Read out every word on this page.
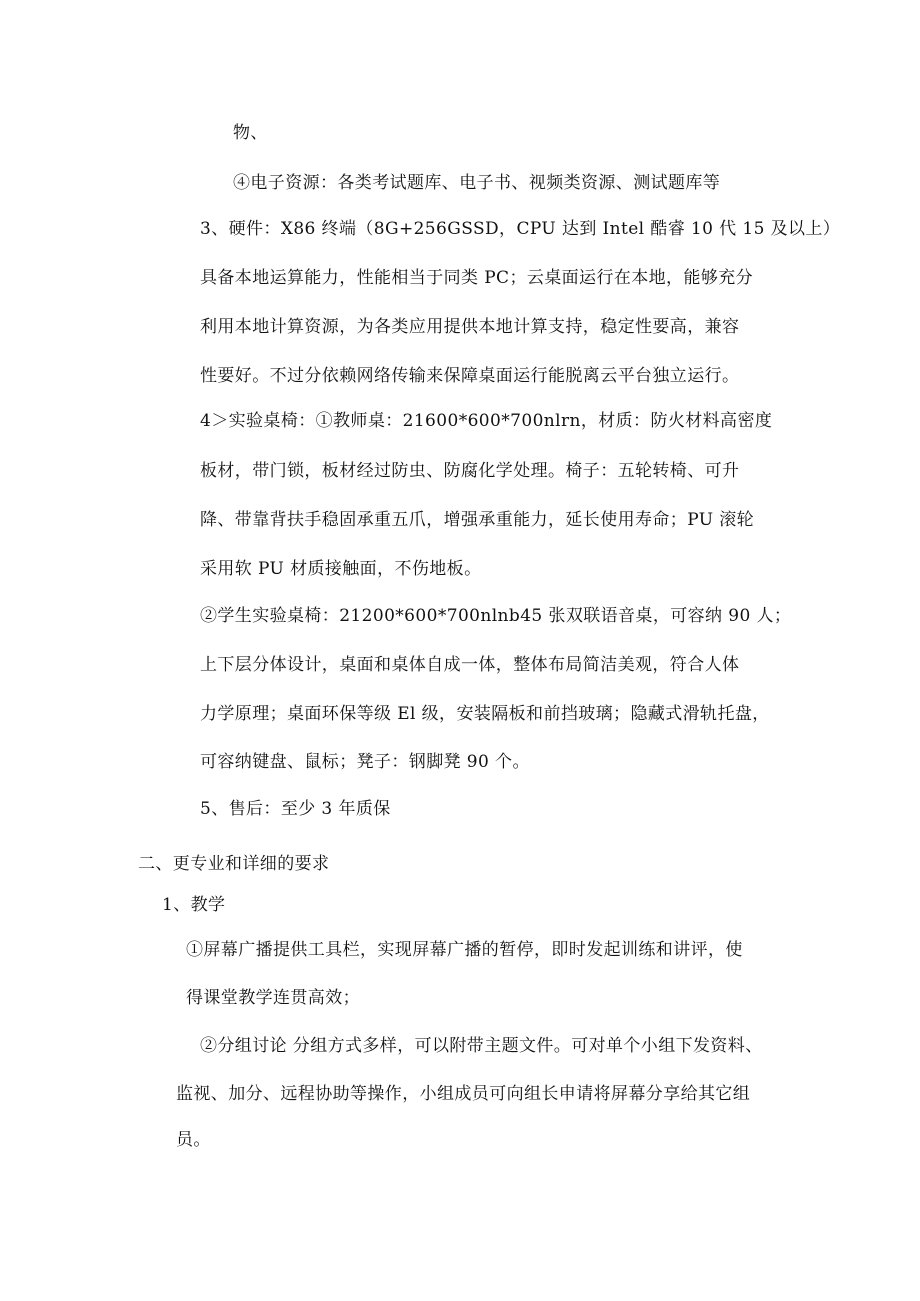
物、
④电子资源：各类考试题库、电子书、视频类资源、测试题库等
3、硬件：X86 终端（8G+256GSSD，CPU 达到 Intel 酷睿 10 代 15 及以上）
具备本地运算能力，性能相当于同类 PC；云桌面运行在本地，能够充分
利用本地计算资源，为各类应用提供本地计算支持，稳定性要高，兼容
性要好。不过分依赖网络传输来保障桌面运行能脱离云平台独立运行。
4＞实验桌椅：①教师桌：21600*600*700nlrn，材质：防火材料高密度
板材，带门锁，板材经过防虫、防腐化学处理。椅子：五轮转椅、可升
降、带靠背扶手稳固承重五爪，增强承重能力，延长使用寿命；PU 滚轮
采用软 PU 材质接触面，不伤地板。
②学生实验桌椅：21200*600*700nlnb45 张双联语音桌，可容纳 90 人；
上下层分体设计，桌面和桌体自成一体，整体布局简洁美观，符合人体
力学原理；桌面环保等级 El 级，安装隔板和前挡玻璃；隐藏式滑轨托盘，
可容纳键盘、鼠标；凳子：钢脚凳 90 个。
5、售后：至少 3 年质保
二、更专业和详细的要求
1、教学
①屏幕广播提供工具栏，实现屏幕广播的暂停，即时发起训练和讲评，使
得课堂教学连贯高效；
②分组讨论 分组方式多样，可以附带主题文件。可对单个小组下发资料、
监视、加分、远程协助等操作，小组成员可向组长申请将屏幕分享给其它组
员。
